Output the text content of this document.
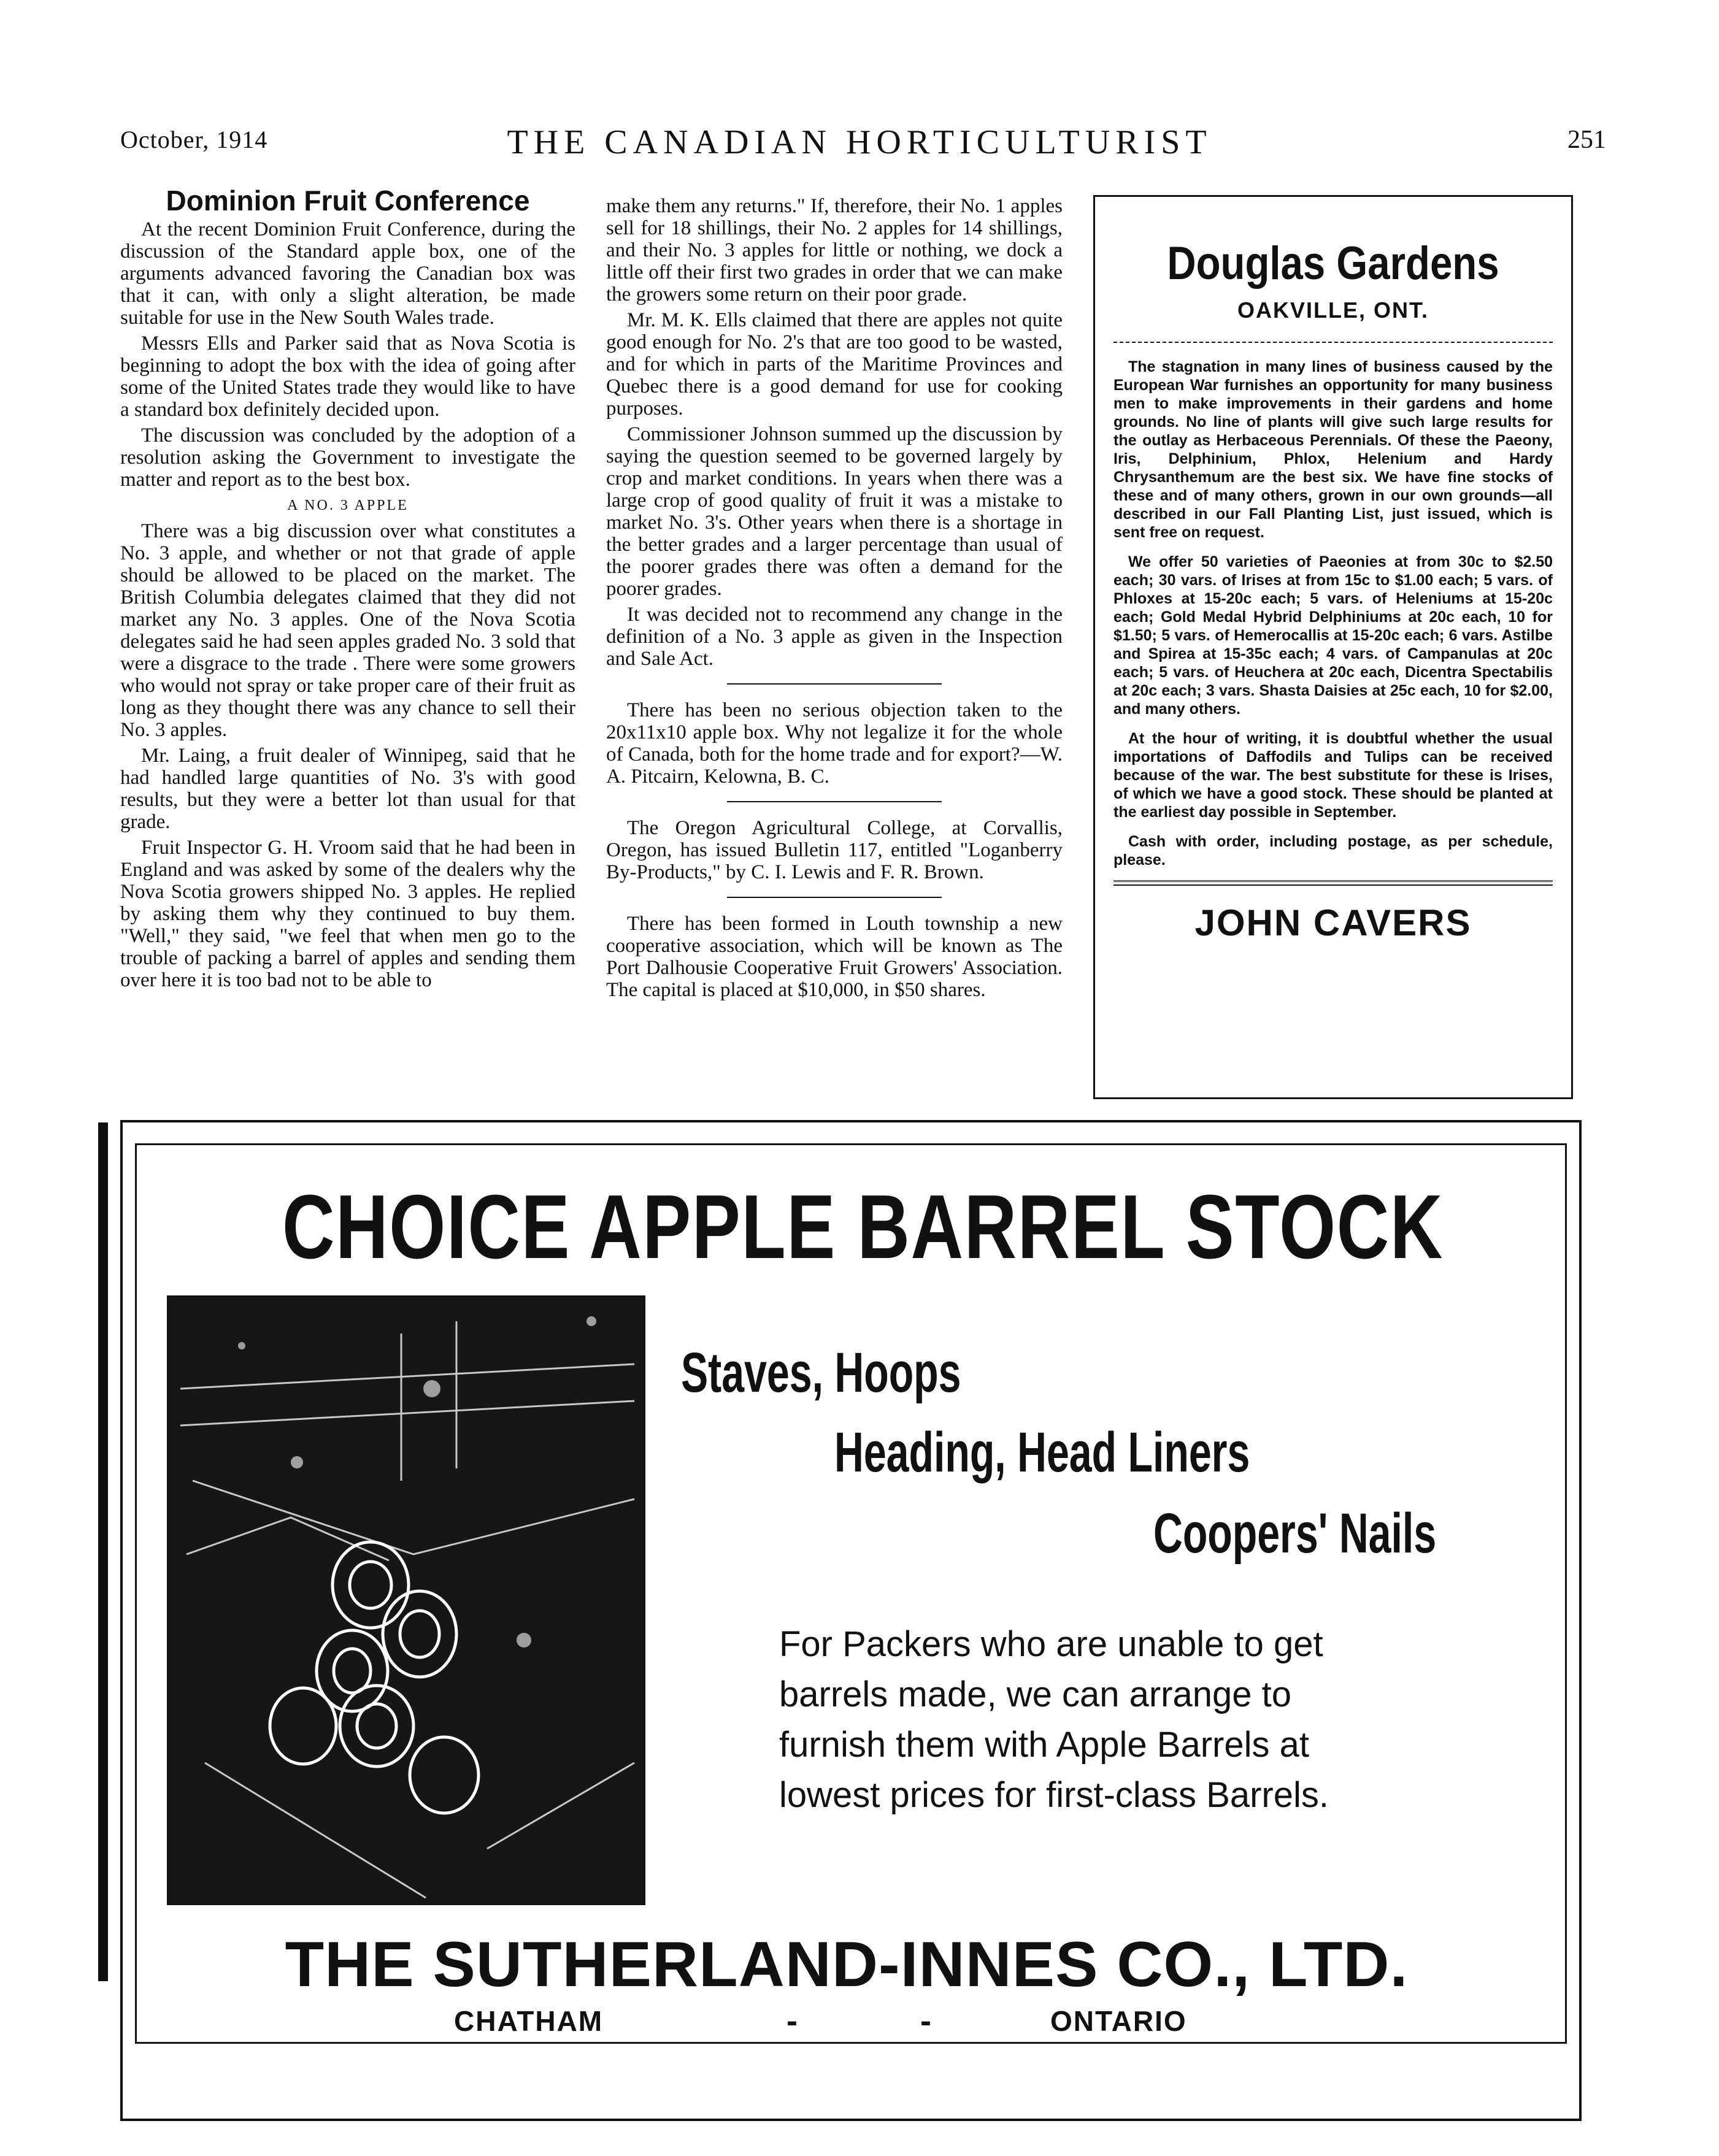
October, 1914	THE CANADIAN HORTICULTURIST	251
Dominion Fruit Conference

At the recent Dominion Fruit Conference, during the discussion of the Standard apple box, one of the arguments advanced favoring the Canadian box was that it can, with only a slight alteration, be made suitable for use in the New South Wales trade.

Messrs Ells and Parker said that as Nova Scotia is beginning to adopt the box with the idea of going after some of the United States trade they would like to have a standard box definitely decided upon.

The discussion was concluded by the adoption of a resolution asking the Government to investigate the matter and report as to the best box.

A NO. 3 APPLE

There was a big discussion over what constitutes a No. 3 apple, and whether or not that grade of apple should be allowed to be placed on the market. The British Columbia delegates claimed that they did not market any No. 3 apples. One of the Nova Scotia delegates said he had seen apples graded No. 3 sold that were a disgrace to the trade . There were some growers who would not spray or take proper care of their fruit as long as they thought there was any chance to sell their No. 3 apples.

Mr. Laing, a fruit dealer of Winnipeg, said that he had handled large quantities of No. 3's with good results, but they were a better lot than usual for that grade.

Fruit Inspector G. H. Vroom said that he had been in England and was asked by some of the dealers why the Nova Scotia growers shipped No. 3 apples. He replied by asking them why they continued to buy them. "Well," they said, "we feel that when men go to the trouble of packing a barrel of apples and sending them over here it is too bad not to be able to

make them any returns." If, therefore, their No. 1 apples sell for 18 shillings, their No. 2 apples for 14 shillings, and their No. 3 apples for little or nothing, we dock a little off their first two grades in order that we can make the growers some return on their poor grade.

Mr. M. K. Ells claimed that there are apples not quite good enough for No. 2's that are too good to be wasted, and for which in parts of the Maritime Provinces and Quebec there is a good demand for use for cooking purposes.

Commissioner Johnson summed up the discussion by saying the question seemed to be governed largely by crop and market conditions. In years when there was a large crop of good quality of fruit it was a mistake to market No. 3's. Other years when there is a shortage in the better grades and a larger percentage than usual of the poorer grades there was often a demand for the poorer grades.

It was decided not to recommend any change in the definition of a No. 3 apple as given in the Inspection and Sale Act.

There has been no serious objection taken to the 20x11x10 apple box. Why not legalize it for the whole of Canada, both for the home trade and for export?—W. A. Pitcairn, Kelowna, B. C.

The Oregon Agricultural College, at Corvallis, Oregon, has issued Bulletin 117, entitled "Loganberry By-Products," by C. I. Lewis and F. R. Brown.

There has been formed in Louth township a new cooperative association, which will be known as The Port Dalhousie Cooperative Fruit Growers' Association. The capital is placed at $10,000, in $50 shares.

Douglas Gardens
OAKVILLE, ONT.

The stagnation in many lines of business caused by the European War furnishes an opportunity for many business men to make improvements in their gardens and home grounds. No line of plants will give such large results for the outlay as Herbaceous Perennials. Of these the Paeony, Iris, Delphinium, Phlox, Helenium and Hardy Chrysanthemum are the best six. We have fine stocks of these and of many others, grown in our own grounds—all described in our Fall Planting List, just issued, which is sent free on request.

We offer 50 varieties of Paeonies at from 30c to $2.50 each; 30 vars. of Irises at from 15c to $1.00 each; 5 vars. of Phloxes at 15-20c each; 5 vars. of Heleniums at 15-20c each; Gold Medal Hybrid Delphiniums at 20c each, 10 for $1.50; 5 vars. of Hemerocallis at 15-20c each; 6 vars. Astilbe and Spirea at 15-35c each; 4 vars. of Campanulas at 20c each; 5 vars. of Heuchera at 20c each, Dicentra Spectabilis at 20c each; 3 vars. Shasta Daisies at 25c each, 10 for $2.00, and many others.

At the hour of writing, it is doubtful whether the usual importations of Daffodils and Tulips can be received because of the war. The best substitute for these is Irises, of which we have a good stock. These should be planted at the earliest day possible in September.

Cash with order, including postage, as per schedule, please.

JOHN CAVERS
CHOICE APPLE BARREL STOCK
Staves, Hoops
Heading, Head Liners
Coopers' Nails
For Packers who are unable to get
barrels made, we can arrange to
furnish them with Apple Barrels at
lowest prices for first-class Barrels.
THE SUTHERLAND-INNES CO., LTD.
CHATHAM	-	-	ONTARIO
